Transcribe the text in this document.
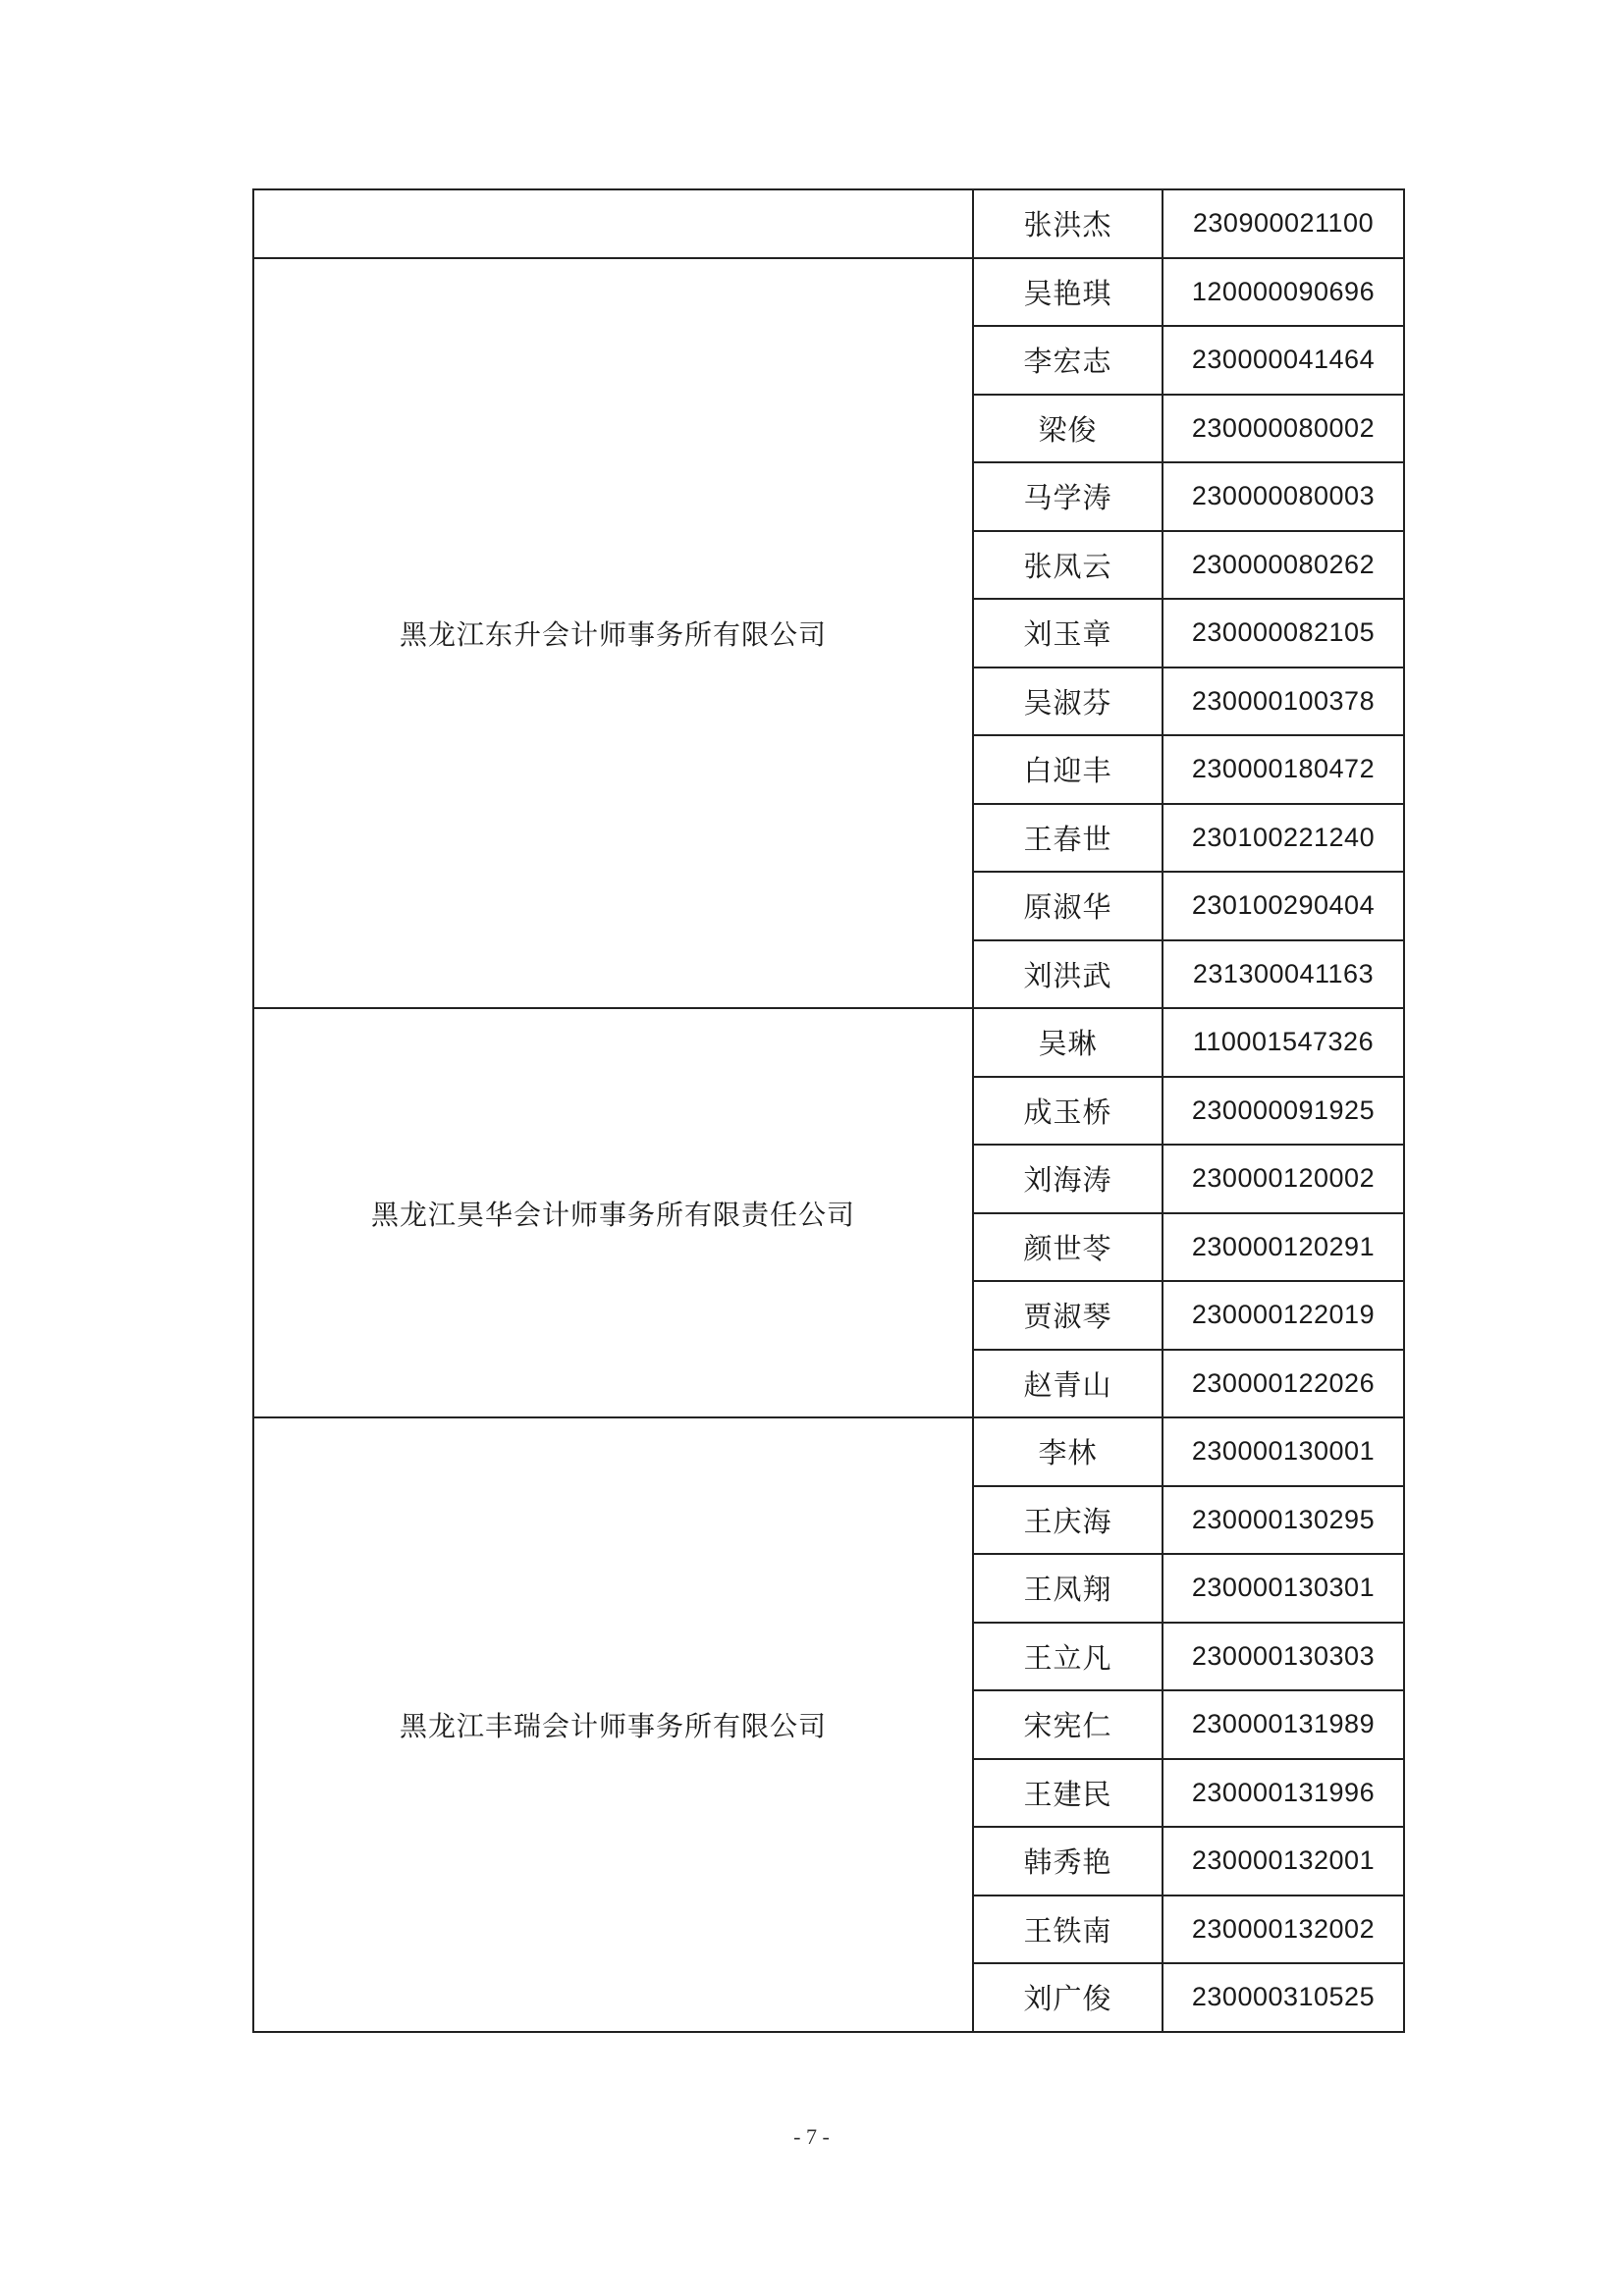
	张洪杰	230900021100
黑龙江东升会计师事务所有限公司	吴艳琪	120000090696
	李宏志	230000041464
	梁俊	230000080002
	马学涛	230000080003
	张凤云	230000080262
	刘玉章	230000082105
	吴淑芬	230000100378
	白迎丰	230000180472
	王春世	230100221240
	原淑华	230100290404
	刘洪武	231300041163
黑龙江昊华会计师事务所有限责任公司	吴琳	110001547326
	成玉桥	230000091925
	刘海涛	230000120002
	颜世苓	230000120291
	贾淑琴	230000122019
	赵青山	230000122026
黑龙江丰瑞会计师事务所有限公司	李林	230000130001
	王庆海	230000130295
	王凤翔	230000130301
	王立凡	230000130303
	宋宪仁	230000131989
	王建民	230000131996
	韩秀艳	230000132001
	王铁南	230000132002
	刘广俊	230000310525
- 7 -
